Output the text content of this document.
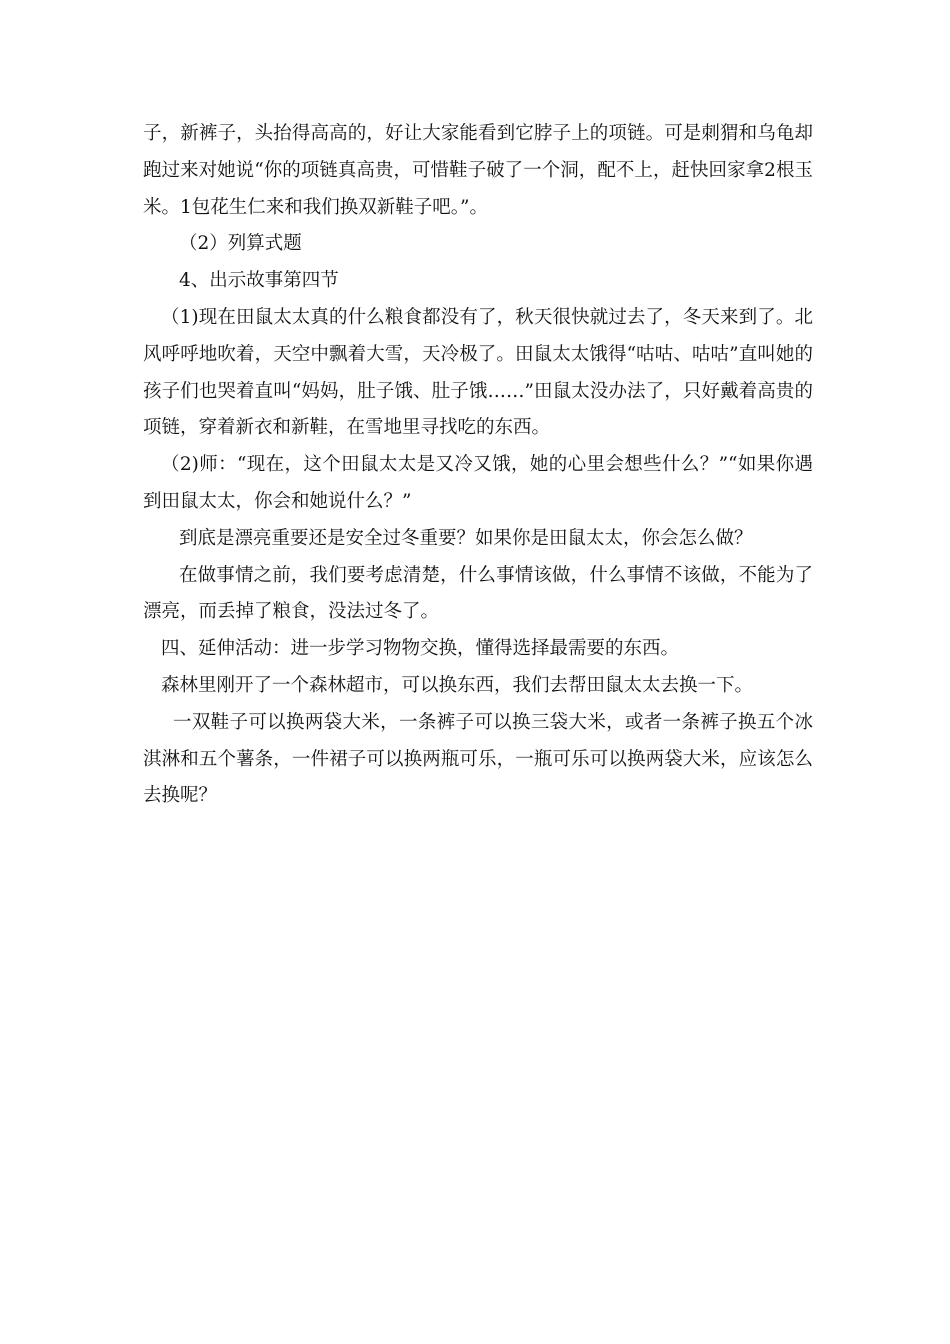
子，新裤子，头抬得高高的，好让大家能看到它脖子上的项链。可是刺猬和乌龟却跑过来对她说“你的项链真高贵，可惜鞋子破了一个洞，配不上，赶快回家拿2根玉米。1包花生仁来和我们换双新鞋子吧。”。

（2）列算式题

4、出示故事第四节

（1)现在田鼠太太真的什么粮食都没有了，秋天很快就过去了，冬天来到了。北风呼呼地吹着，天空中飘着大雪，天冷极了。田鼠太太饿得“咕咕、咕咕”直叫她的孩子们也哭着直叫“妈妈，肚子饿、肚子饿……”田鼠太没办法了，只好戴着高贵的项链，穿着新衣和新鞋，在雪地里寻找吃的东西。

（2)师：“现在，这个田鼠太太是又冷又饿，她的心里会想些什么？”“如果你遇到田鼠太太，你会和她说什么？”

到底是漂亮重要还是安全过冬重要？如果你是田鼠太太，你会怎么做？

在做事情之前，我们要考虑清楚，什么事情该做，什么事情不该做，不能为了漂亮，而丢掉了粮食，没法过冬了。

四、延伸活动：进一步学习物物交换，懂得选择最需要的东西。

森林里刚开了一个森林超市，可以换东西，我们去帮田鼠太太去换一下。

一双鞋子可以换两袋大米，一条裤子可以换三袋大米，或者一条裤子换五个冰淇淋和五个薯条，一件裙子可以换两瓶可乐，一瓶可乐可以换两袋大米，应该怎么去换呢？
